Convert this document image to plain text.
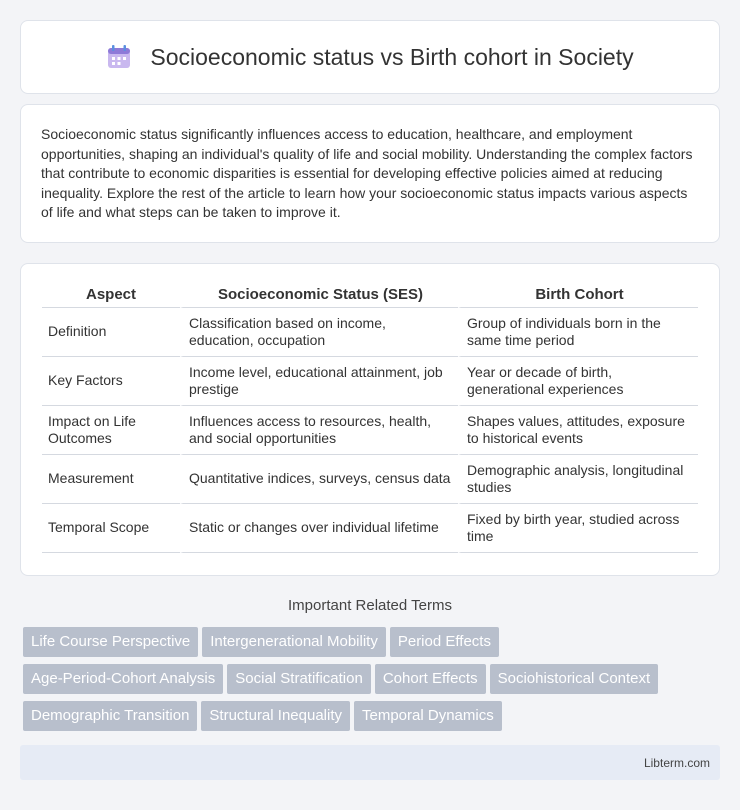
Socioeconomic status vs Birth cohort in Society

Socioeconomic status significantly influences access to education, healthcare, and employment opportunities, shaping an individual's quality of life and social mobility. Understanding the complex factors that contribute to economic disparities is essential for developing effective policies aimed at reducing inequality. Explore the rest of the article to learn how your socioeconomic status impacts various aspects of life and what steps can be taken to improve it.

Aspect	Socioeconomic Status (SES)	Birth Cohort
Definition	Classification based on income, education, occupation	Group of individuals born in the same time period
Key Factors	Income level, educational attainment, job prestige	Year or decade of birth, generational experiences
Impact on Life Outcomes	Influences access to resources, health, and social opportunities	Shapes values, attitudes, exposure to historical events
Measurement	Quantitative indices, surveys, census data	Demographic analysis, longitudinal studies
Temporal Scope	Static or changes over individual lifetime	Fixed by birth year, studied across time
Important Related Terms
Life Course Perspective Intergenerational Mobility Period Effects
Age-Period-Cohort Analysis Social Stratification Cohort Effects Sociohistorical Context
Demographic Transition Structural Inequality Temporal Dynamics
Libterm.com
